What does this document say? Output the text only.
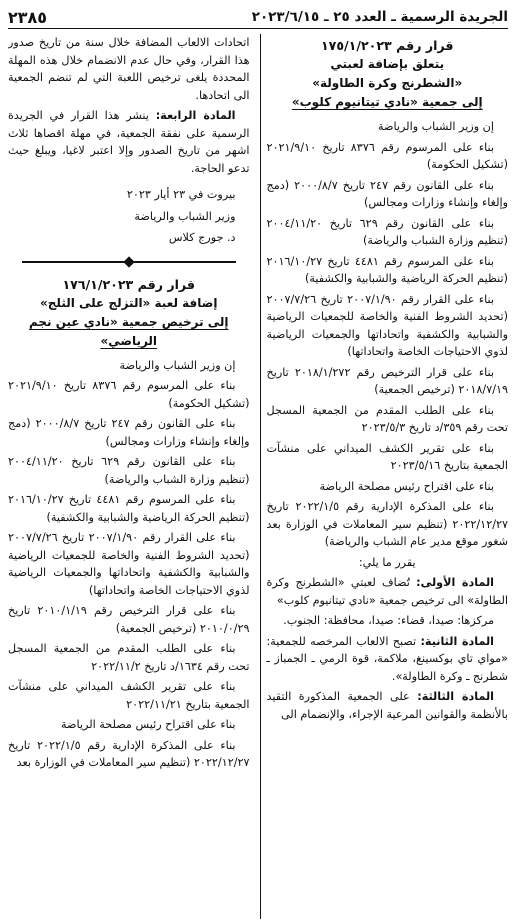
الجريدة الرسمية ـ العدد ٢٥ ـ ٢٠٢٣/٦/١٥
٢٣٨٥
قرار رقم ١٧٥/١/٢٠٢٣

يتعلق بإضافة لعبتي

«الشطرنج وكرة الطاولة»

إلى جمعية «نادي تيتانيوم كلوب»

إن وزير الشباب والرياضة

بناء على المرسوم رقم ٨٣٧٦ تاريخ ٢٠٢١/٩/١٠ (تشكيل الحكومة)

بناء على القانون رقم ٢٤٧ تاريخ ٢٠٠٠/٨/٧ (دمج وإلغاء وإنشاء وزارات ومجالس)

بناء على القانون رقم ٦٢٩ تاريخ ٢٠٠٤/١١/٢٠ (تنظيم وزارة الشباب والرياضة)

بناء على المرسوم رقم ٤٤٨١ تاريخ ٢٠١٦/١٠/٢٧ (تنظيم الحركة الرياضية والشبابية والكشفية)

بناء على القرار رقم ٢٠٠٧/١/٩٠ تاريخ ٢٠٠٧/٧/٢٦ (تحديد الشروط الفنية والخاصة للجمعيات الرياضية والشبابية والكشفية واتحاداتها والجمعيات الرياضية لذوي الاحتياجات الخاصة واتحاداتها)

بناء على قرار الترخيص رقم ٢٠١٨/١/٢٧٢ تاريخ ٢٠١٨/٧/١٩ (ترخيص الجمعية)

بناء على الطلب المقدم من الجمعية المسجل تحت رقم ٣٥٩/د تاريخ ٢٠٢٣/٥/٣

بناء على تقرير الكشف الميداني على منشآت الجمعية بتاريخ ٢٠٢٣/٥/١٦

بناء على اقتراح رئيس مصلحة الرياضة

بناء على المذكرة الإدارية رقم ٢٠٢٢/١/٥ تاريخ ٢٠٢٢/١٢/٢٧ (تنظيم سير المعاملات في الوزارة بعد شغور موقع مدير عام الشباب والرياضة)

يقرر ما يلي:

المادة الأولى: تُضاف لعبتي «الشطرنج وكرة الطاولة» الى ترخيص جمعية «نادي تيتانيوم كلوب»

مركزها: صيدا، قضاء: صيدا، محافظة: الجنوب.

المادة الثانية: تصبح الالعاب المرخصه للجمعية: «مواي تاي بوكسينغ، ملاكمة، قوة الرمي ـ الجمباز ـ شطرنج ـ وكرة الطاولة».

المادة الثالثة: على الجمعية المذكورة التقيد بالأنظمة والقوانين المرعية الإجراء، والإنضمام الى

اتحادات الالعاب المضافة خلال سنة من تاريخ صدور هذا القرار، وفي حال عدم الانضمام خلال هذه المهلة المحددة يلغى ترخيص اللعبة التي لم تنضم الجمعية الى اتحادها.

المادة الرابعة: ينشر هذا القرار في الجريدة الرسمية على نفقة الجمعية، في مهلة اقصاها ثلاث اشهر من تاريخ الصدور وإلا اعتبر لاغيا، ويبلغ حيث تدعو الحاجة.

بيروت في ٢٣ أيار ٢٠٢٣

وزير الشباب والرياضة

د. جورج كلاس

قرار رقم ١٧٦/١/٢٠٢٣

إضافة لعبة «التزلج على الثلج»

إلى ترخيص جمعية «نادي عين نجم الرياضي»

إن وزير الشباب والرياضة

بناء على المرسوم رقم ٨٣٧٦ تاريخ ٢٠٢١/٩/١٠ (تشكيل الحكومة)

بناء على القانون رقم ٢٤٧ تاريخ ٢٠٠٠/٨/٧ (دمج وإلغاء وإنشاء وزارات ومجالس)

بناء على القانون رقم ٦٢٩ تاريخ ٢٠٠٤/١١/٢٠ (تنظيم وزارة الشباب والرياضة)

بناء على المرسوم رقم ٤٤٨١ تاريخ ٢٠١٦/١٠/٢٧ (تنظيم الحركة الرياضية والشبابية والكشفية)

بناء على القرار رقم ٢٠٠٧/١/٩٠ تاريخ ٢٠٠٧/٧/٢٦ (تحديد الشروط الفنية والخاصة للجمعيات الرياضية والشبابية والكشفية واتحاداتها والجمعيات الرياضية لذوي الاحتياجات الخاصة واتحاداتها)

بناء على قرار الترخيص رقم ٢٠١٠/١/١٩ تاريخ ٢٠١٠/٠/٢٩ (ترخيص الجمعية)

بناء على الطلب المقدم من الجمعية المسجل تحت رقم ١٦٣٤/د تاريخ ٢٠٢٢/١١/٢

بناء على تقرير الكشف الميداني على منشآت الجمعية بتاريخ ٢٠٢٢/١١/٢١

بناء على اقتراح رئيس مصلحة الرياضة

بناء على المذكرة الإدارية رقم ٢٠٢٢/١/٥ تاريخ ٢٠٢٢/١٢/٢٧ (تنظيم سير المعاملات في الوزارة بعد
